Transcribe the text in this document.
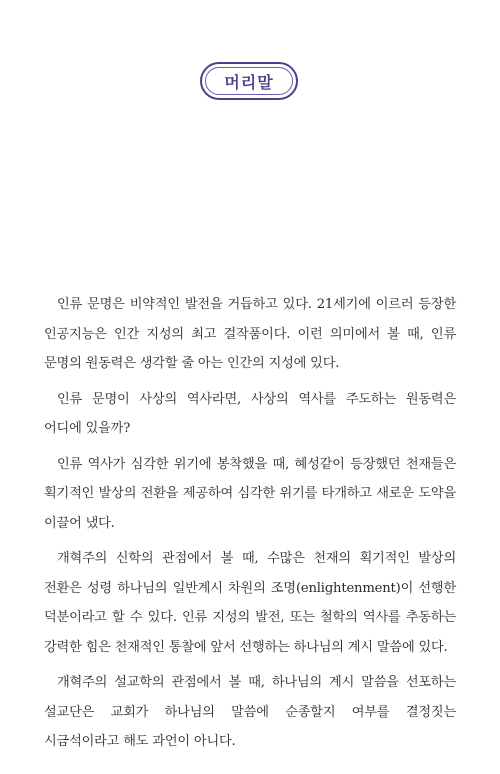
머리말

인류 문명은 비약적인 발전을 거듭하고 있다. 21세기에 이르러 등장한 인공지능은 인간 지성의 최고 걸작품이다. 이런 의미에서 볼 때, 인류 문명의 원동력은 생각할 줄 아는 인간의 지성에 있다.

인류 문명이 사상의 역사라면, 사상의 역사를 주도하는 원동력은 어디에 있을까?

인류 역사가 심각한 위기에 봉착했을 때, 혜성같이 등장했던 천재들은 획기적인 발상의 전환을 제공하여 심각한 위기를 타개하고 새로운 도약을 이끌어 냈다.

개혁주의 신학의 관점에서 볼 때, 수많은 천재의 획기적인 발상의 전환은 성령 하나님의 일반계시 차원의 조명(enlightenment)이 선행한 덕분이라고 할 수 있다. 인류 지성의 발전, 또는 철학의 역사를 추동하는 강력한 힘은 천재적인 통찰에 앞서 선행하는 하나님의 계시 말씀에 있다.

개혁주의 설교학의 관점에서 볼 때, 하나님의 계시 말씀을 선포하는 설교단은 교회가 하나님의 말씀에 순종할지 여부를 결정짓는 시금석이라고 해도 과언이 아니다.
